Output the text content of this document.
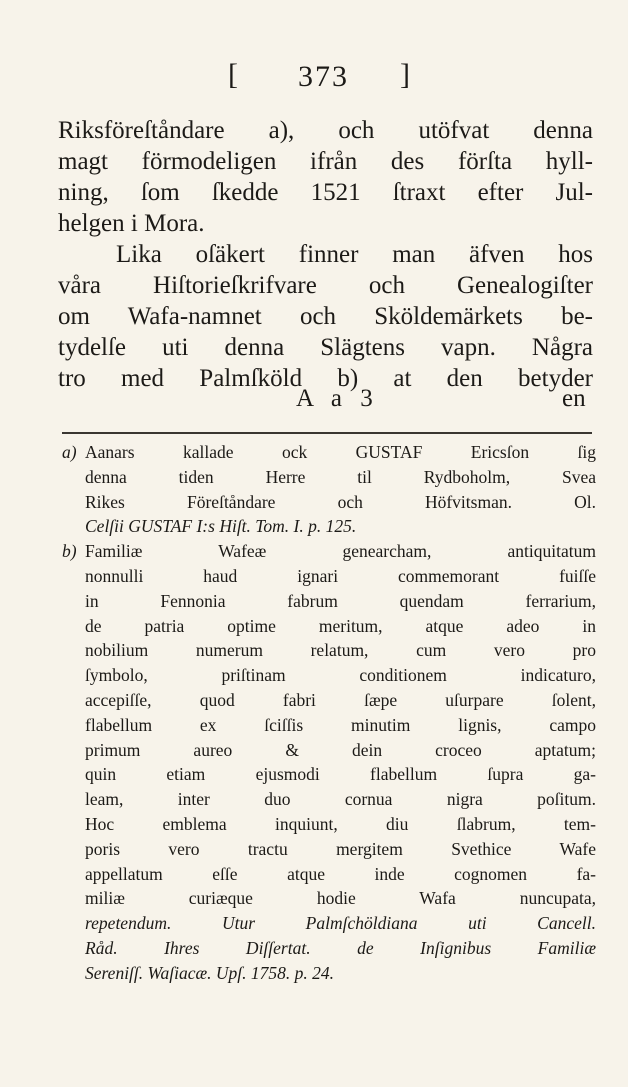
[ 373 ]
Riksföreſtåndare a), och utöfvat denna
magt förmodeligen ifrån des förſta hyll-
ning, ſom ſkedde 1521 ſtraxt efter Jul-
helgen i Mora.
Lika oſäkert finner man äfven hos
våra Hiſtorieſkrifvare och Genealogiſter
om Wafa-namnet och Sköldemärkets be-
tydelſe uti denna Slägtens vapn. Några
tro med Palmſköld b) at den betyder
A a 3	en
a) Aanars kallade ock GUSTAF Ericsſon ſig
denna tiden Herre til Rydboholm, Svea
Rikes Föreſtåndare och Höfvitsman. Ol.
Celſii GUSTAF I:s Hiſt. Tom. I. p. 125.
b) Familiæ Wafeæ genearcham, antiquitatum
nonnulli haud ignari commemorant fuiſſe
in Fennonia fabrum quendam ferrarium,
de patria optime meritum, atque adeo in
nobilium numerum relatum, cum vero pro
ſymbolo, priſtinam conditionem indicaturo,
accepiſſe, quod fabri ſæpe uſurpare ſolent,
flabellum ex ſciſſis minutim lignis, campo
primum aureo & dein croceo aptatum;
quin etiam ejusmodi flabellum ſupra ga-
leam, inter duo cornua nigra poſitum.
Hoc emblema inquiunt, diu ſlabrum, tem-
poris vero tractu mergitem Svethice Wafe
appellatum eſſe atque inde cognomen fa-
miliæ curiæque hodie Wafa nuncupata,
repetendum. Utur Palmſchöldiana uti Cancell.
Råd. Ihres Diſſertat. de Inſignibus Familiæ
Sereniſſ. Waſiacæ. Upſ. 1758. p. 24.
